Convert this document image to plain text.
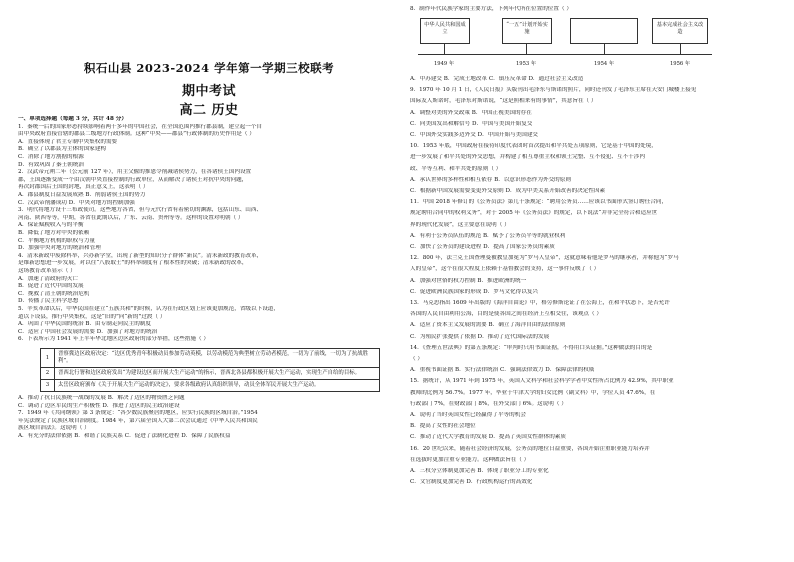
积石山县 2023-2024 学年第一学期三校联考
期中考试
高二 历史
一、单项选择题（每题 3 分，共计 48 分）
1．秦统一后的国家形态持续影响着两千多年的中国社会，在全国范围内推行郡县制，建立起一个自
由中央政府直接管辖的郡县二级地方行政体制。这种“中央——郡县”行政体制的历史作用是（ ）
A．直接体现了君主专制中央集权的需要
B．确立了以郡县为主体的国家建构
C．消除了地方割据的根源
D．有效巩固了秦王朝统治
2．汉武帝元朔二年（公元前 127 年），用主父偃的推恩令削减诸侯势力，在各诸侯王国内设置
郡，王国逐渐变成一个由汉朝中央直接控制的行政单位，从而解决了诸侯王对抗中央的问题，
再次封郡国后王国的封地，真正意义上，这表明（ ）
A．郡县制度日益发展成熟 B．削弱诸侯王国的势力
C．汉武帝削藩成功 D．中央对地方的控制加强
3．明代将地方设十三布政使司。这些地方各省，但与元代行省有着密切的渊源，包括山东、山西、
河南、陕西等等，中期，各省在此期以后，广东、云南、贵州等等。这样的设置对明朝（ ）
A．保证赋税收入与的平衡
B．降低了地方对中央的依赖
C．平衡地方机构的职权与力量
D．加强中央对地方的统治和管理
4．清末新政中废除科举，兴办新学堂，出现了新型的知识分子群体“新民”。清末新政的教育改革，
是维新思想进一步发展，对以往“八股取士”的科举制度有了根本性的突破；清末新政的改革，
这场教育改革显示（ ）
A．加速了清政府的灭亡
B．促进了近代中国的发展
C．挽救了清王朝的统治危机
D．传播了民主科学思想
5．辛亥革命以后，中华民国在建立“五族共和”的时候，认为在行政区划上应该更加规范，省级以下设道，
道以下设县，推行中央集权，这是“旧的”向“新的”过渡（ ）
A．巩固了中华民国的统治 B．由专制走向民主的制度
C．适应了中国社会发展的需要 D．加强了对地方的统治
6．下表所示为 1941 年上半年华北地区边区政府的部分举措，这些措施（ ）
1	晋察冀边区政府决定：“边区优秀青年积极动员参加劳动英模，以劳动模范为典型树立劳动者模范，一切为了前线，一切为了抗战胜利”。
2	晋西北行署和边区政府发出“为建设边区而开展大生产运动”的指示，晋西北各县都积极开展大生产运动，实现生产自给的目标。
3	太岳区政府颁布《关于开展大生产运动的决定》，要求各级政府认真组织领导，动员全体军民开展大生产运动。
A．推动了抗日民族统一战线的发展 B．解决了边区的物资匮乏问题
C．调动了边区军民的生产积极性 D．推进了边区的民主政治建设
7．1949 年《共同纲领》第 3 条规定：“各少数民族聚居的地区，应实行民族的区域自治。”1954
年宪法规定了民族区域自治制度。1984 年，第六届全国人大第二次会议通过《中华人民共和国民
族区域自治法》。这说明（ ）
A．有充分的法律依据 B．和谐了民族关系 C．促进了法制化进程 D．保障了民族权益
8．制作年代民族学家的主要方法，下列年代所在位置的位置（ ）
中华人民共和国成立
“一五”计划开始实施
基本完成社会主义改造
1949 年	1953 年	1954 年	1956 年
A．中苏建交 B．完成土地改革 C．镇压反革命 D．通过社会主义改造
9．1970 年 10 月 1 日，《人民日报》头版刊出毛泽东与斯诺的照片，同时还刊发了毛泽东主席在天安门城楼上接见
国际友人斯诺时，毛泽东对斯诺说，“这是照相来有的事情”，其意旨在（ ）
A．调整对美的外交政策 B．中国正视美国的存在
C．向美国发出和解信号 D．中国与美国开始复交
C．中国外交实践多边外交 D．中国开始与美国建交
10．1953 年底，中国政府在接待印度代表团时首次提出和平共处五项原则，它是基于中国的处境，
进一步发展了和平共处的外交思想，并构建了相互尊重主权和领土完整、互不侵犯、互不干涉内
政、平等互利、和平共处的原则（ ）
A．承认世界的多样性和相互依存 B．以意识形态作为外交的原则
C．根据新中国发展需要变更外交原则 D．成为中美关系开始改善的决定性因素
11．中国 2018 年修订的《公务员法》第几十条规定：“聘用公务员……应该以书面形式签订聘任合同，
规定聘用合同中的权利义务”，对于 2005 年《公务员法》的规定，以下说法“并非完全符合和适应世
界的现代化发展”，这主要意在说明（ ）
A．有利于公务员队伍的规范 B．赋予了公务员平等的就业权利
C．加快了公务员的建设进程 D．提高了国家公务员的素质
12．800 年，法兰克王国查理曼被教皇加冕为“罗马人皇帝”，这就意味着他是罗马的继承者，并称他为“罗马
人的皇帝”，这个在很大程度上依赖于基督教会的支持，这一事件反映了（ ）
A．加强对世俗的权力控制 B．推进欧洲的统一
C．促进欧洲民族国家的形成 D．罗马文化得以复兴
13．马克思指出 1609 年出版的《海洋自由论》中，格劳修斯论证了在公海上，在和平状态下，是否允许
各国的人民自由利用公海，目的是使各国之间在经济上互相交往，该观点（ ）
A．适应了资本主义发展的需要 B．确立了海洋自由的法律原则
C．为殖民扩张提供了依据 D．推动了近代国际法的发展
14．《查理五世法典》的第五条规定：“审判时只用书面证据，不得用口头证据。”这种做法的目的是
（ ）
A．重视书面证据 B．实行法律统治 C．强调法律效力 D．保障法律的权威
15．据统计，从 1971 年到 1975 年，英国人文科学和社会科学学者中女性所占比例为 42.9%，其中职业
教师的比例为 56.7%。1977 年，毕业于牛津大学的妇女比例（副文科）中，学位人员 47.6%，在
行政部门 7%，在财政部门 8%，在外交部门 6%。这说明（ ）
A．说明了当时英国女性已经赢得了平等的机会
B．提高了女性的社会地位
C．推动了近代大学教育的发展 D．提高了英国女性群体的素质
16．20 世纪以来，随着社会经济的发展，公务员的地位日益重要，各国开始注重职业能力培养并
在选拔时更加注重专业能力。这种做法旨在（ ）
A．三权分立体制更加完善 B．体现了职业分工的专业化
C．文官制度更加完善 D．行政机构运行的高效化
